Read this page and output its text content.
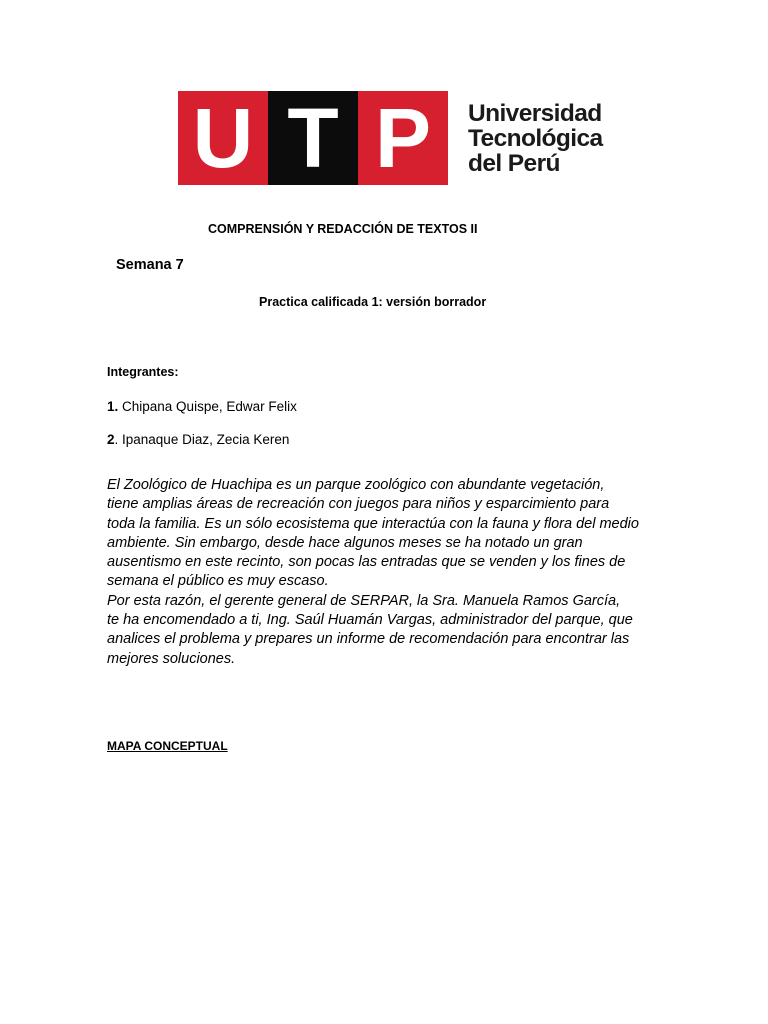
U T P	Universidad
Tecnológica
del Perú
COMPRENSIÓN Y REDACCIÓN DE TEXTOS II
Semana 7
Practica calificada 1: versión borrador
Integrantes:
1. Chipana Quispe, Edwar Felix
2. Ipanaque Diaz, Zecia Keren

El Zoológico de Huachipa es un parque zoológico con abundante vegetación,

tiene amplias áreas de recreación con juegos para niños y esparcimiento para

toda la familia. Es un sólo ecosistema que interactúa con la fauna y flora del medio

ambiente. Sin embargo, desde hace algunos meses se ha notado un gran

ausentismo en este recinto, son pocas las entradas que se venden y los fines de

semana el público es muy escaso.

Por esta razón, el gerente general de SERPAR, la Sra. Manuela Ramos García,

te ha encomendado a ti, Ing. Saúl Huamán Vargas, administrador del parque, que

analices el problema y prepares un informe de recomendación para encontrar las

mejores soluciones.

MAPA CONCEPTUAL
